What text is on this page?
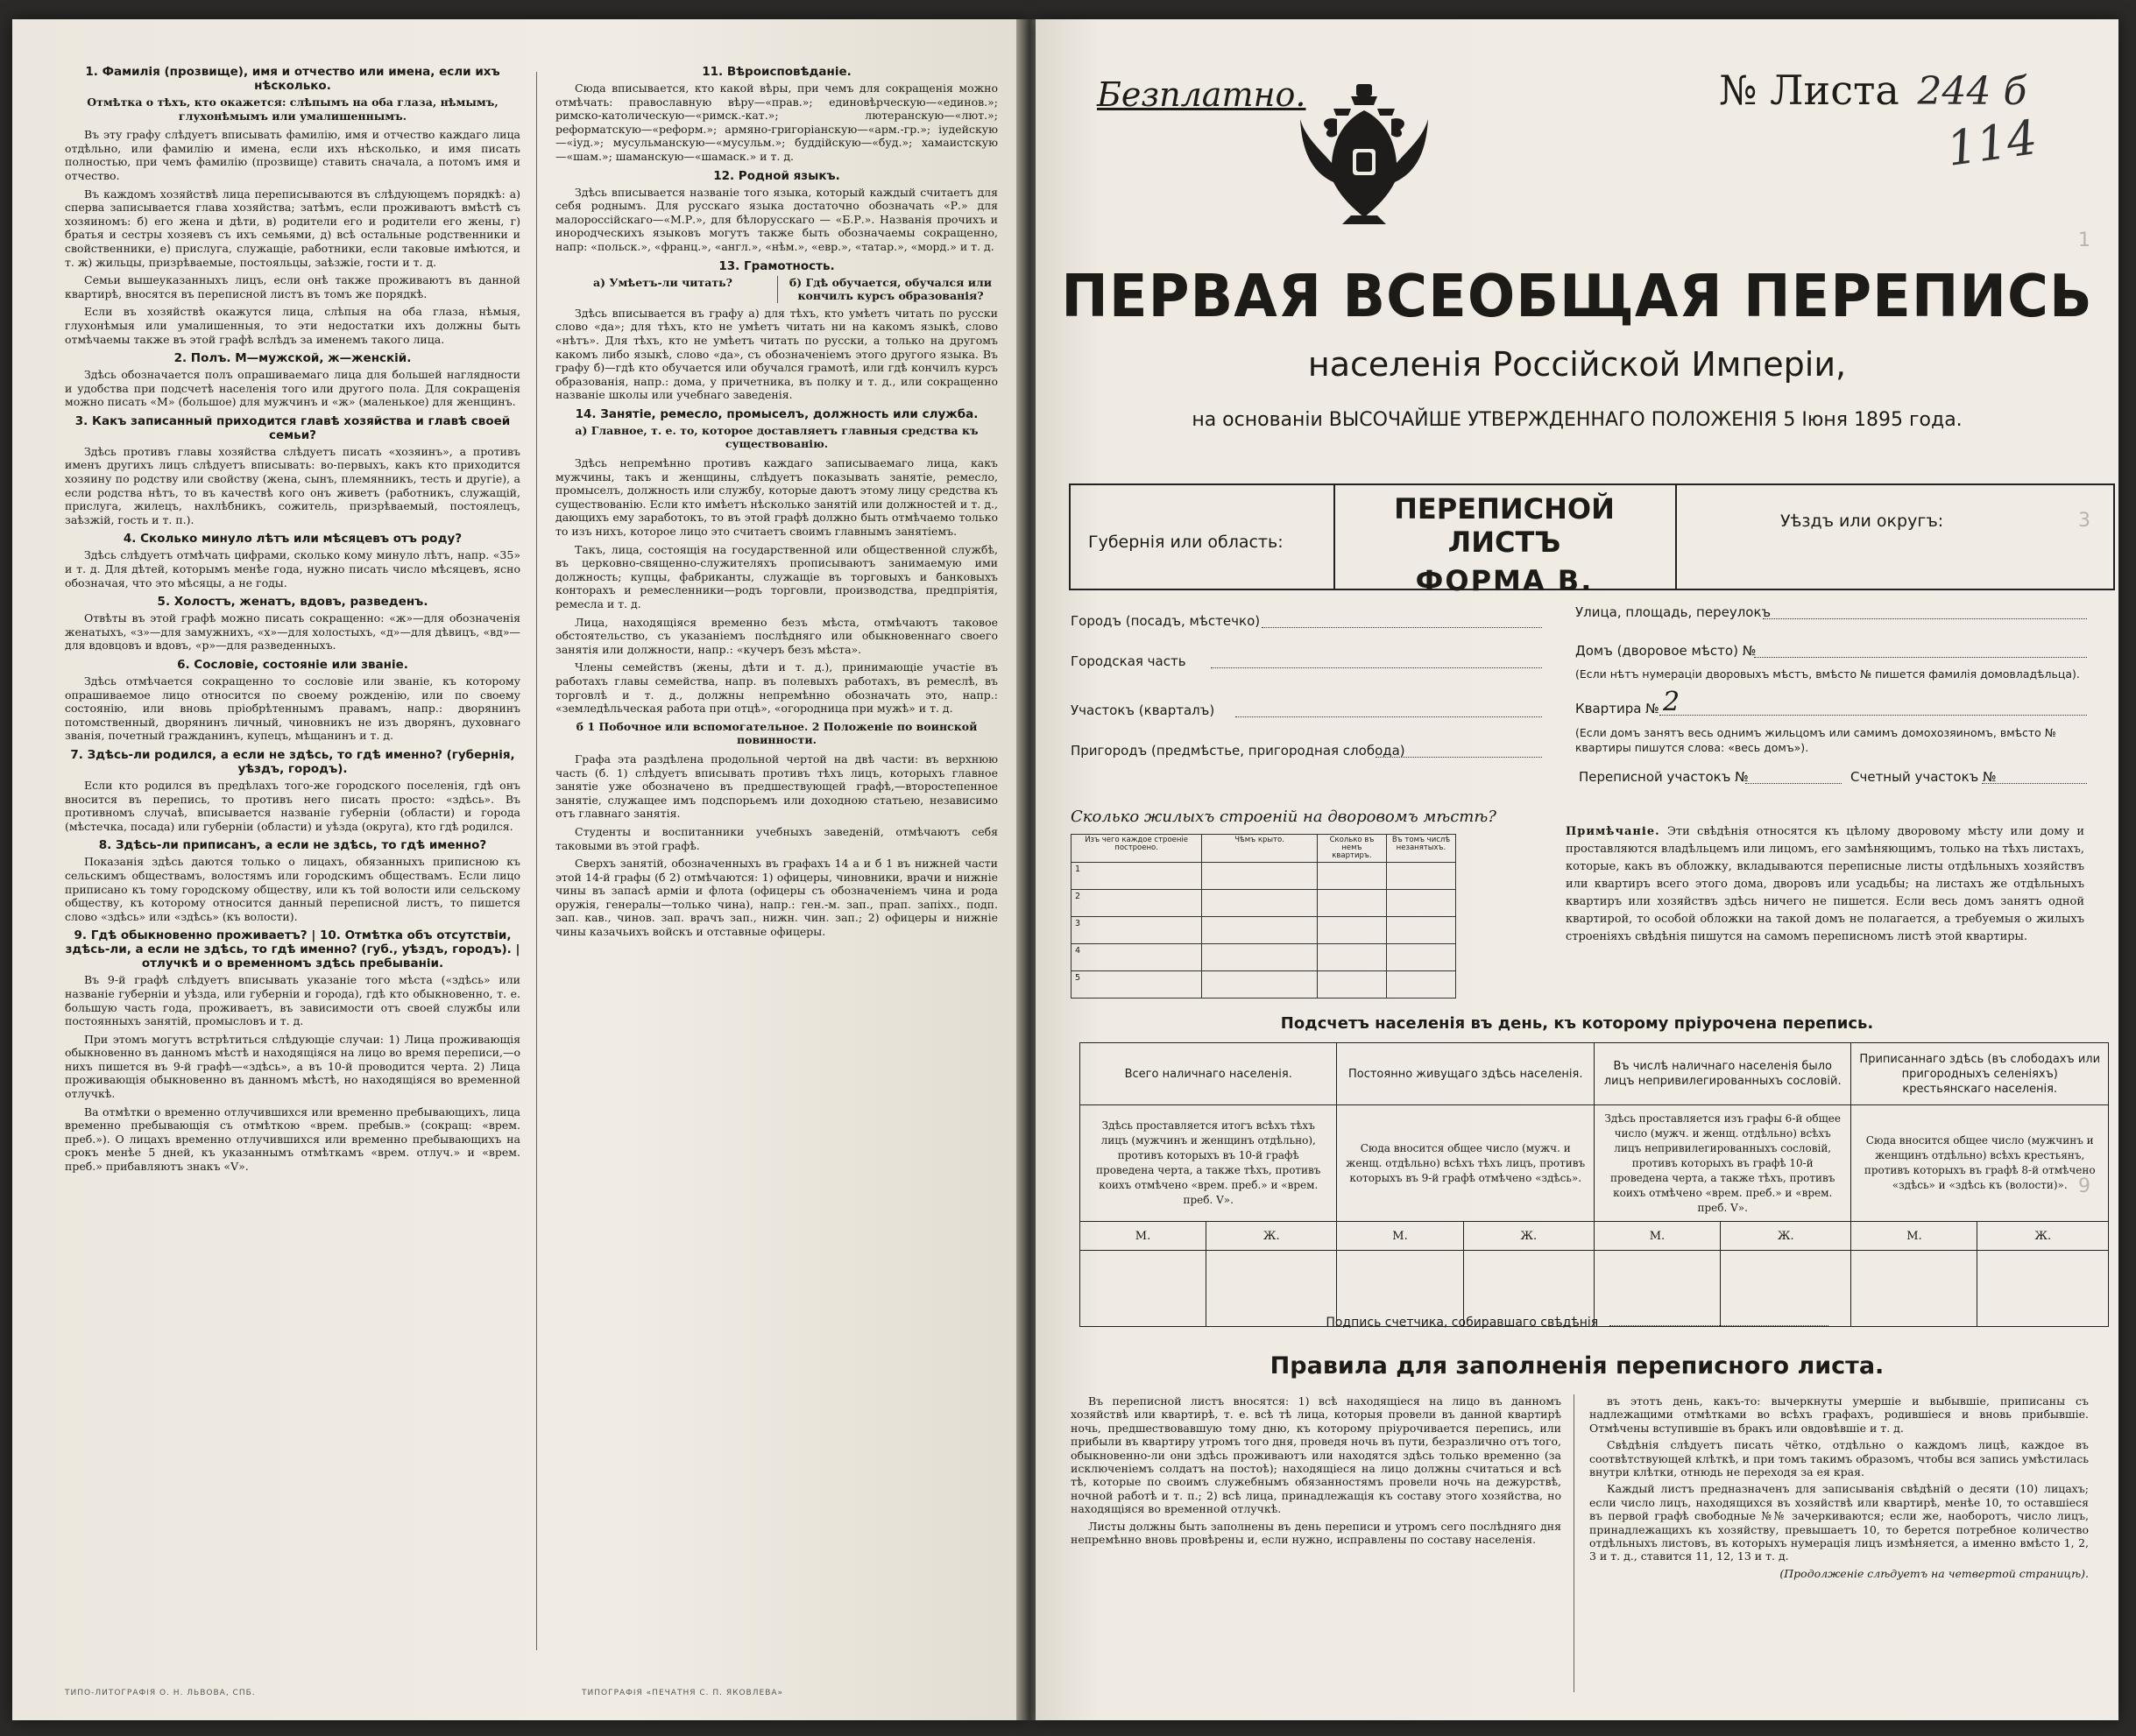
1. Фамилія (прозвище), имя и отчество или имена, если ихъ нѣсколько.
Отмѣтка о тѣхъ, кто окажется: слѣпымъ на оба глаза, нѣмымъ, глухонѣмымъ или умалишеннымъ.

Въ эту графу слѣдуетъ вписывать фамилію, имя и отчество каждаго лица отдѣльно, или фамилію и имена, если ихъ нѣсколько, и имя писать полностью, при чемъ фамилію (прозвище) ставить сначала, а потомъ имя и отчество.

Въ каждомъ хозяйствѣ лица переписываются въ слѣдующемъ порядкѣ: а) сперва записывается глава хозяйства; затѣмъ, если проживаютъ вмѣстѣ съ хозяиномъ: б) его жена и дѣти, в) родители его и родители его жены, г) братья и сестры хозяевъ съ ихъ семьями, д) всѣ остальные родственники и свойственники, е) прислуга, служащіе, работники, если таковые имѣются, и т. ж) жильцы, призрѣваемые, постояльцы, заѣзжіе, гости и т. д.

Семьи вышеуказанныхъ лицъ, если онѣ также проживаютъ въ данной квартирѣ, вносятся въ переписной листъ въ томъ же порядкѣ.

Если въ хозяйствѣ окажутся лица, слѣпыя на оба глаза, нѣмыя, глухонѣмыя или умалишенныя, то эти недостатки ихъ должны быть отмѣчаемы также въ этой графѣ вслѣдъ за именемъ такого лица.

2. Полъ. М—мужской, ж—женскій.

Здѣсь обозначается полъ опрашиваемаго лица для большей наглядности и удобства при подсчетѣ населенія того или другого пола. Для сокращенія можно писать «М» (большое) для мужчинъ и «ж» (маленькое) для женщинъ.

3. Какъ записанный приходится главѣ хозяйства и главѣ своей семьи?

Здѣсь противъ главы хозяйства слѣдуетъ писать «хозяинъ», а противъ именъ другихъ лицъ слѣдуетъ вписывать: во-первыхъ, какъ кто приходится хозяину по родству или свойству (жена, сынъ, племянникъ, тесть и другіе), а если родства нѣтъ, то въ качествѣ кого онъ живетъ (работникъ, служащій, прислуга, жилецъ, нахлѣбникъ, сожитель, призрѣваемый, постоялецъ, заѣзжій, гость и т. п.).

4. Сколько минуло лѣтъ или мѣсяцевъ отъ роду?

Здѣсь слѣдуетъ отмѣчать цифрами, сколько кому минуло лѣтъ, напр. «35» и т. д. Для дѣтей, которымъ менѣе года, нужно писать число мѣсяцевъ, ясно обозначая, что это мѣсяцы, а не годы.

5. Холостъ, женатъ, вдовъ, разведенъ.

Отвѣты въ этой графѣ можно писать сокращенно: «ж»—для обозначенія женатыхъ, «з»—для замужнихъ, «х»—для холостыхъ, «д»—для дѣвицъ, «вд»—для вдовцовъ и вдовъ, «р»—для разведенныхъ.

6. Сословіе, состояніе или званіе.

Здѣсь отмѣчается сокращенно то сословіе или званіе, къ которому опрашиваемое лицо относится по своему рожденію, или по своему состоянію, или вновь пріобрѣтеннымъ правамъ, напр.: дворянинъ потомственный, дворянинъ личный, чиновникъ не изъ дворянъ, духовнаго званія, почетный гражданинъ, купецъ, мѣщанинъ и т. д.

7. Здѣсь-ли родился, а если не здѣсь, то гдѣ именно? (губернія, уѣздъ, городъ).

Если кто родился въ предѣлахъ того-же городского поселенія, гдѣ онъ вносится въ перепись, то противъ него писать просто: «здѣсь». Въ противномъ случаѣ, вписывается названіе губерніи (области) и города (мѣстечка, посада) или губерніи (области) и уѣзда (округа), кто гдѣ родился.

8. Здѣсь-ли приписанъ, а если не здѣсь, то гдѣ именно?

Показанія здѣсь даются только о лицахъ, обязанныхъ приписною къ сельскимъ обществамъ, волостямъ или городскимъ обществамъ. Если лицо приписано къ тому городскому обществу, или къ той волости или сельскому обществу, къ которому относится данный переписной листъ, то пишется слово «здѣсь» или «здѣсь» (къ волости).

9. Гдѣ обыкновенно проживаетъ? | 10. Отмѣтка объ отсутствіи, здѣсь-ли, а если не здѣсь, то гдѣ именно? (губ., уѣздъ, городъ). | отлучкѣ и о временномъ здѣсь пребываніи.

Въ 9-й графѣ слѣдуетъ вписывать указаніе того мѣста («здѣсь» или названіе губерніи и уѣзда, или губерніи и города), гдѣ кто обыкновенно, т. е. большую часть года, проживаетъ, въ зависимости отъ своей службы или постоянныхъ занятій, промысловъ и т. д.

При этомъ могутъ встрѣтиться слѣдующіе случаи: 1) Лица проживающія обыкновенно въ данномъ мѣстѣ и находящіяся на лицо во время переписи,—о нихъ пишется въ 9-й графѣ—«здѣсь», а въ 10-й проводится черта. 2) Лица проживающія обыкновенно въ данномъ мѣстѣ, но находящіяся во временной отлучкѣ.

Ва отмѣтки о временно отлучившихся или временно пребывающихъ, лица временно пребывающія съ отмѣткою «врем. пребыв.» (сокращ: «врем. преб.»). О лицахъ временно отлучившихся или временно пребывающихъ на срокъ менѣе 5 дней, къ указаннымъ отмѣткамъ «врем. отлуч.» и «врем. преб.» прибавляютъ знакъ «V».

11. Вѣроисповѣданіе.

Сюда вписывается, кто какой вѣры, при чемъ для сокращенія можно отмѣчать: православную вѣру—«прав.»; единовѣрческую—«единов.»; римско-католическую—«римск.-кат.»; лютеранскую—«лют.»; реформатскую—«реформ.»; армяно-григоріанскую—«арм.-гр.»; іудейскую—«іуд.»; мусульманскую—«мусульм.»; буддійскую—«буд.»; хамаистскую—«шам.»; шаманскую—«шамаск.» и т. д.

12. Родной языкъ.

Здѣсь вписывается названіе того языка, который каждый считаетъ для себя роднымъ. Для русскаго языка достаточно обозначать «Р.» для малороссійскаго—«М.Р.», для бѣлорусскаго — «Б.Р.». Названія прочихъ и инородческихъ языковъ могутъ также быть обозначаемы сокращенно, напр: «польск.», «франц.», «англ.», «нѣм.», «евр.», «татар.», «морд.» и т. д.

13. Грамотность.
а) Умѣетъ-ли читать?	б) Гдѣ обучается, обучался или кончилъ курсъ образованія?

Здѣсь вписывается въ графу а) для тѣхъ, кто умѣетъ читать по русски слово «да»; для тѣхъ, кто не умѣетъ читать ни на какомъ языкѣ, слово «нѣтъ». Для тѣхъ, кто не умѣетъ читать по русски, а только на другомъ какомъ либо языкѣ, слово «да», съ обозначеніемъ этого другого языка. Въ графу б)—гдѣ кто обучается или обучался грамотѣ, или гдѣ кончилъ курсъ образованія, напр.: дома, у причетника, въ полку и т. д., или сокращенно названіе школы или учебнаго заведенія.

14. Занятіе, ремесло, промыселъ, должность или служба.
а) Главное, т. е. то, которое доставляетъ главныя средства къ существованію.

Здѣсь непремѣнно противъ каждаго записываемаго лица, какъ мужчины, такъ и женщины, слѣдуетъ показывать занятіе, ремесло, промыселъ, должность или службу, которые даютъ этому лицу средства къ существованію. Если кто имѣетъ нѣсколько занятій или должностей и т. д., дающихъ ему заработокъ, то въ этой графѣ должно быть отмѣчаемо только то изъ нихъ, которое лицо это считаетъ своимъ главнымъ занятіемъ.

Такъ, лица, состоящія на государственной или общественной службѣ, въ церковно-священно-служителяхъ прописываютъ занимаемую ими должность; купцы, фабриканты, служащіе въ торговыхъ и банковыхъ конторахъ и ремесленники—родъ торговли, производства, предпріятія, ремесла и т. д.

Лица, находящіяся временно безъ мѣста, отмѣчаютъ таковое обстоятельство, съ указаніемъ послѣдняго или обыкновеннаго своего занятія или должности, напр.: «кучеръ безъ мѣста».

Члены семействъ (жены, дѣти и т. д.), принимающіе участіе въ работахъ главы семейства, напр. въ полевыхъ работахъ, въ ремеслѣ, въ торговлѣ и т. д., должны непремѣнно обозначать это, напр.: «земледѣльческая работа при отцѣ», «огородница при мужѣ» и т. д.

б 1 Побочное или вспомогательное. 2 Положеніе по воинской повинности.

Графа эта раздѣлена продольной чертой на двѣ части: въ верхнюю часть (б. 1) слѣдуетъ вписывать противъ тѣхъ лицъ, которыхъ главное занятіе уже обозначено въ предшествующей графѣ,—второстепенное занятіе, служащее имъ подспорьемъ или доходною статьею, независимо отъ главнаго занятія.

Студенты и воспитанники учебныхъ заведеній, отмѣчаютъ себя таковыми въ этой графѣ.

Сверхъ занятій, обозначенныхъ въ графахъ 14 а и б 1 въ нижней части этой 14-й графы (б 2) отмѣчаются: 1) офицеры, чиновники, врачи и нижніе чины въ запасѣ арміи и флота (офицеры съ обозначеніемъ чина и рода оружія, генералы—только чина), напр.: ген.-м. зап., прап. запіхх., подп. зап. кав., чинов. зап. врачъ зап., нижн. чин. зап.; 2) офицеры и нижніе чины казачьихъ войскъ и отставные офицеры.

ТИПО-ЛИТОГРАФІЯ О. Н. ЛЬВОВА, СПБ.	ТИПОГРАФІЯ «ПЕЧАТНЯ С. П. ЯКОВЛЕВА»
1
3
9
Безплатно.	№ Листа 244 б
114
ПЕРВАЯ ВСЕОБЩАЯ ПЕРЕПИСЬ
населенія Россійской Имперіи,
на основаніи ВЫСОЧАЙШЕ УТВЕРЖДЕННАГО ПОЛОЖЕНІЯ 5 Іюня 1895 года.
Губернія или область:
ПЕРЕПИСНОЙ ЛИСТЪ
ФОРМА В.
Уѣздъ или округъ:
Городъ (посадъ, мѣстечко)
Городская часть
Участокъ (кварталъ)
Пригородъ (предмѣстье, пригородная слобода)
Улица, площадь, переулокъ
Домъ (дворовое мѣсто) №
(Если нѣтъ нумераціи дворовыхъ мѣстъ, вмѣсто № пишется фамилія домовладѣльца).
Квартира № 2
(Если домъ занятъ весь однимъ жильцомъ или самимъ домохозяиномъ, вмѣсто № квартиры пишутся слова: «весь домъ»).
Переписной участокъ №	Счетный участокъ №
Сколько жилыхъ строеній на дворовомъ мѣстѣ?
Изъ чего каждое строеніе построено.	Чѣмъ крыто.	Сколько въ немъ квартиръ.	Въ томъ числѣ незанятыхъ.
1			
2			
3			
4			
5			
Примѣчаніе. Эти свѣдѣнія относятся къ цѣлому дворовому мѣсту или дому и проставляются владѣльцемъ или лицомъ, его замѣняющимъ, только на тѣхъ листахъ, которые, какъ въ обложку, вкладываются переписные листы отдѣльныхъ хозяйствъ или квартиръ всего этого дома, дворовъ или усадьбы; на листахъ же отдѣльныхъ квартиръ или хозяйствъ здѣсь ничего не пишется. Если весь домъ занятъ одной квартирой, то особой обложки на такой домъ не полагается, а требуемыя о жилыхъ строеніяхъ свѣдѣнія пишутся на самомъ переписномъ листѣ этой квартиры.
Подсчетъ населенія въ день, къ которому пріурочена перепись.
Всего наличнаго населенія.		Постоянно живущаго здѣсь населенія.		Въ числѣ наличнаго населенія было лицъ непривилегированныхъ сословій.		Приписаннаго здѣсь (въ слободахъ или пригородныхъ селеніяхъ) крестьянскаго населенія.	
Здѣсь проставляется итогъ всѣхъ тѣхъ лицъ (мужчинъ и женщинъ отдѣльно), противъ которыхъ въ 10-й графѣ проведена черта, а также тѣхъ, противъ коихъ отмѣчено «врем. преб.» и «врем. преб. V».		Сюда вносится общее число (мужч. и женщ. отдѣльно) всѣхъ тѣхъ лицъ, противъ которыхъ въ 9-й графѣ отмѣчено «здѣсь».		Здѣсь проставляется изъ графы 6-й общее число (мужч. и женщ. отдѣльно) всѣхъ лицъ непривилегированныхъ сословій, противъ которыхъ въ графѣ 10-й проведена черта, а также тѣхъ, противъ коихъ отмѣчено «врем. преб.» и «врем. преб. V».		Сюда вносится общее число (мужчинъ и женщинъ отдѣльно) всѣхъ крестьянъ, противъ которыхъ въ графѣ 8-й отмѣчено «здѣсь» и «здѣсь къ (волости)».	
М.	Ж.	М.	Ж.	М.	Ж.	М.	Ж.

Подпись счетчика, собиравшаго свѣдѣнія
Правила для заполненія переписного листа.

Въ переписной листъ вносятся: 1) всѣ находящіеся на лицо въ данномъ хозяйствѣ или квартирѣ, т. е. всѣ тѣ лица, которыя провели въ данной квартирѣ ночь, предшествовавшую тому дню, къ которому пріурочивается перепись, или прибыли въ квартиру утромъ того дня, проведя ночь въ пути, безразлично отъ того, обыкновенно-ли они здѣсь проживаютъ или находятся здѣсь только временно (за исключеніемъ солдатъ на постоѣ); находящіеся на лицо должны считаться и всѣ тѣ, которые по своимъ служебнымъ обязанностямъ провели ночь на дежурствѣ, ночной работѣ и т. п.; 2) всѣ лица, принадлежащія къ составу этого хозяйства, но находящіяся во временной отлучкѣ.

Листы должны быть заполнены въ день переписи и утромъ сего послѣдняго дня непремѣнно вновь провѣрены и, если нужно, исправлены по составу населенія.

въ этотъ день, какъ-то: вычеркнуты умершіе и выбывшіе, приписаны съ надлежащими отмѣтками во всѣхъ графахъ, родившіеся и вновь прибывшіе. Отмѣчены вступившіе въ бракъ или овдовѣвшіе и т. д.

Свѣдѣнія слѣдуетъ писать чётко, отдѣльно о каждомъ лицѣ, каждое въ соотвѣтствующей клѣткѣ, и при томъ такимъ образомъ, чтобы вся запись умѣстилась внутри клѣтки, отнюдь не переходя за ея края.

Каждый листъ предназначенъ для записыванія свѣдѣній о десяти (10) лицахъ; если число лицъ, находящихся въ хозяйствѣ или квартирѣ, менѣе 10, то оставшіеся въ первой графѣ свободные №№ зачеркиваются; если же, наоборотъ, число лицъ, принадлежащихъ къ хозяйству, превышаетъ 10, то берется потребное количество отдѣльныхъ листовъ, въ которыхъ нумерація лицъ измѣняется, а именно вмѣсто 1, 2, 3 и т. д., ставится 11, 12, 13 и т. д.

(Продолженіе слѣдуетъ на четвертой страницѣ).
